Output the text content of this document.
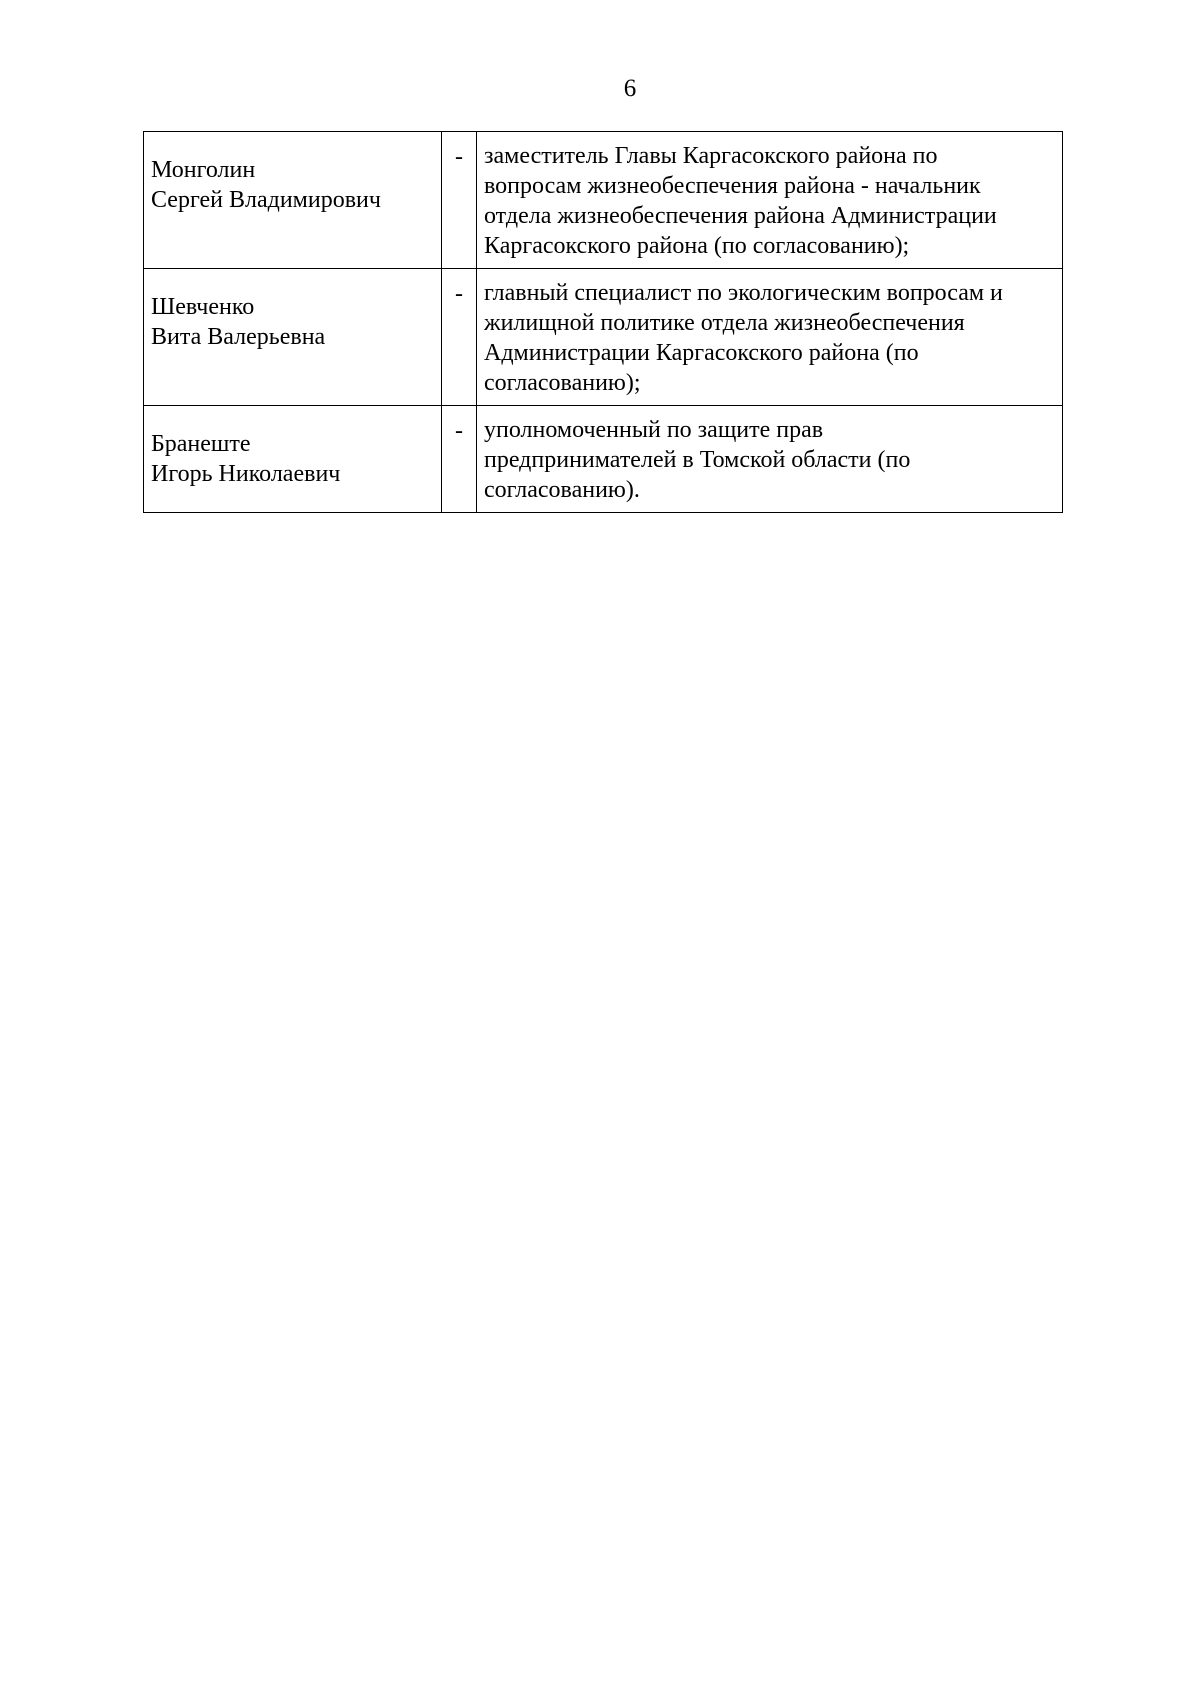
6
Монголин
Сергей Владимирович	-	заместитель Главы Каргасокского района по
вопросам жизнеобеспечения района - начальник
отдела жизнеобеспечения района Администрации
Каргасокского района (по согласованию);

Шевченко
Вита Валерьевна	-	главный специалист по экологическим вопросам и
жилищной политике отдела жизнеобеспечения
Администрации Каргасокского района (по
согласованию);

Бранеште
Игорь Николаевич	-	уполномоченный по защите прав
предпринимателей в Томской области (по
согласованию).
